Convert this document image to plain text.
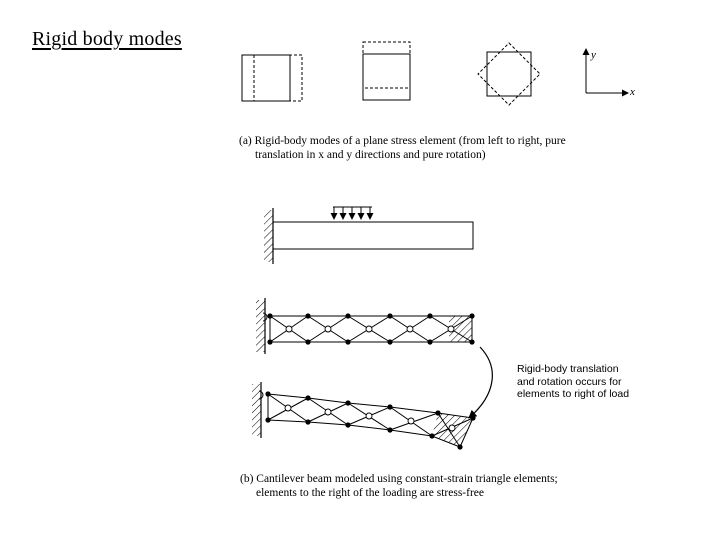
Rigid body modes
y
x
(a) Rigid-body modes of a plane stress element (from left to right, pure
translation in x and y directions and pure rotation)
Rigid-body translation
and rotation occurs for
elements to right of load
(b) Cantilever beam modeled using constant-strain triangle elements;
elements to the right of the loading are stress-free
